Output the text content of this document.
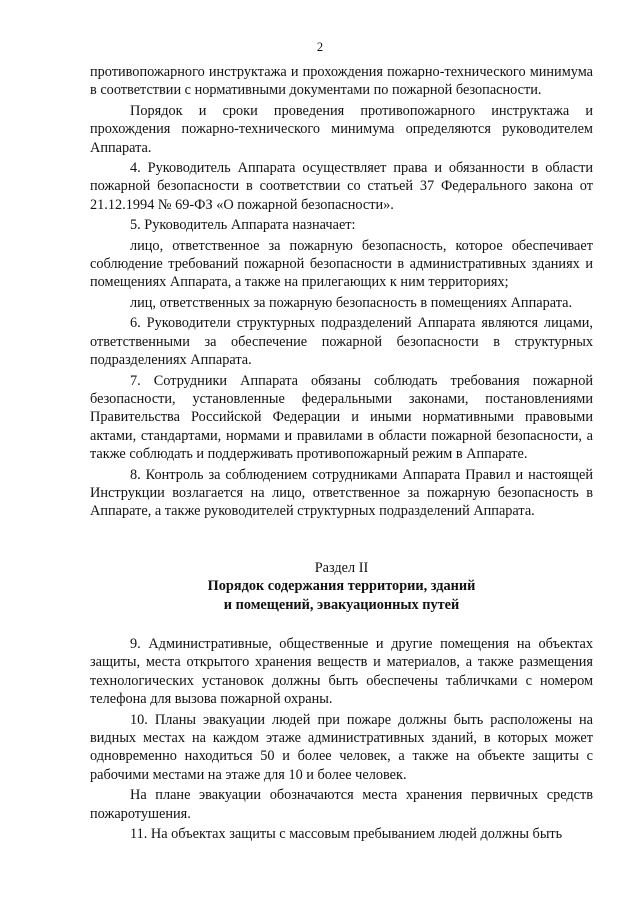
2

противопожарного инструктажа и прохождения пожарно-технического минимума в соответствии с нормативными документами по пожарной безопасности.

Порядок и сроки проведения противопожарного инструктажа и прохождения пожарно-технического минимума определяются руководителем Аппарата.

4. Руководитель Аппарата осуществляет права и обязанности в области пожарной безопасности в соответствии со статьей 37 Федерального закона от 21.12.1994 № 69-ФЗ «О пожарной безопасности».

5. Руководитель Аппарата назначает:

лицо, ответственное за пожарную безопасность, которое обеспечивает соблюдение требований пожарной безопасности в административных зданиях и помещениях Аппарата, а также на прилегающих к ним территориях;

лиц, ответственных за пожарную безопасность в помещениях Аппарата.

6. Руководители структурных подразделений Аппарата являются лицами, ответственными за обеспечение пожарной безопасности в структурных подразделениях Аппарата.

7. Сотрудники Аппарата обязаны соблюдать требования пожарной безопасности, установленные федеральными законами, постановлениями Правительства Российской Федерации и иными нормативными правовыми актами, стандартами, нормами и правилами в области пожарной безопасности, а также соблюдать и поддерживать противопожарный режим в Аппарате.

8. Контроль за соблюдением сотрудниками Аппарата Правил и настоящей Инструкции возлагается на лицо, ответственное за пожарную безопасность в Аппарате, а также руководителей структурных подразделений Аппарата.

Раздел II

Порядок содержания территории, зданий

и помещений, эвакуационных путей

9. Административные, общественные и другие помещения на объектах защиты, места открытого хранения веществ и материалов, а также размещения технологических установок должны быть обеспечены табличками с номером телефона для вызова пожарной охраны.

10. Планы эвакуации людей при пожаре должны быть расположены на видных местах на каждом этаже административных зданий, в которых может одновременно находиться 50 и более человек, а также на объекте защиты с рабочими местами на этаже для 10 и более человек.

На плане эвакуации обозначаются места хранения первичных средств пожаротушения.

11. На объектах защиты с массовым пребыванием людей должны быть
